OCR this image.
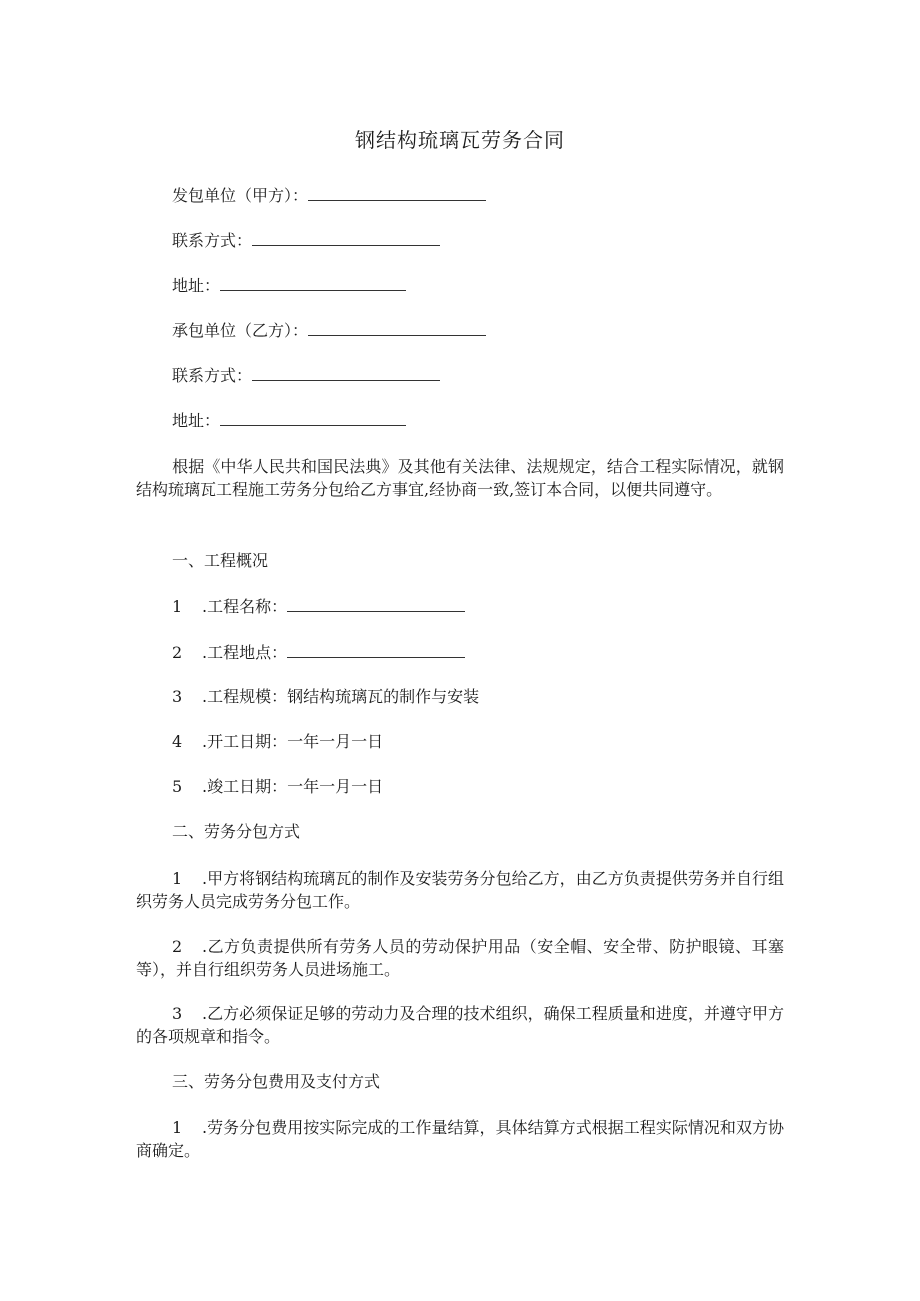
钢结构琉璃瓦劳务合同
发包单位（甲方）：
联系方式：
地址：
承包单位（乙方）：
联系方式：
地址：
根据《中华人民共和国民法典》及其他有关法律、法规规定，结合工程实际情况，就钢结构琉璃瓦工程施工劳务分包给乙方事宜,经协商一致,签订本合同，以便共同遵守。
一、工程概况
1 .工程名称：
2 .工程地点：
3 .工程规模：钢结构琉璃瓦的制作与安装
4 .开工日期：一年一月一日
5 .竣工日期：一年一月一日
二、劳务分包方式
1 .甲方将钢结构琉璃瓦的制作及安装劳务分包给乙方，由乙方负责提供劳务并自行组织劳务人员完成劳务分包工作。
2 .乙方负责提供所有劳务人员的劳动保护用品（安全帽、安全带、防护眼镜、耳塞等），并自行组织劳务人员进场施工。
3 .乙方必须保证足够的劳动力及合理的技术组织，确保工程质量和进度，并遵守甲方的各项规章和指令。
三、劳务分包费用及支付方式
1 .劳务分包费用按实际完成的工作量结算，具体结算方式根据工程实际情况和双方协商确定。
